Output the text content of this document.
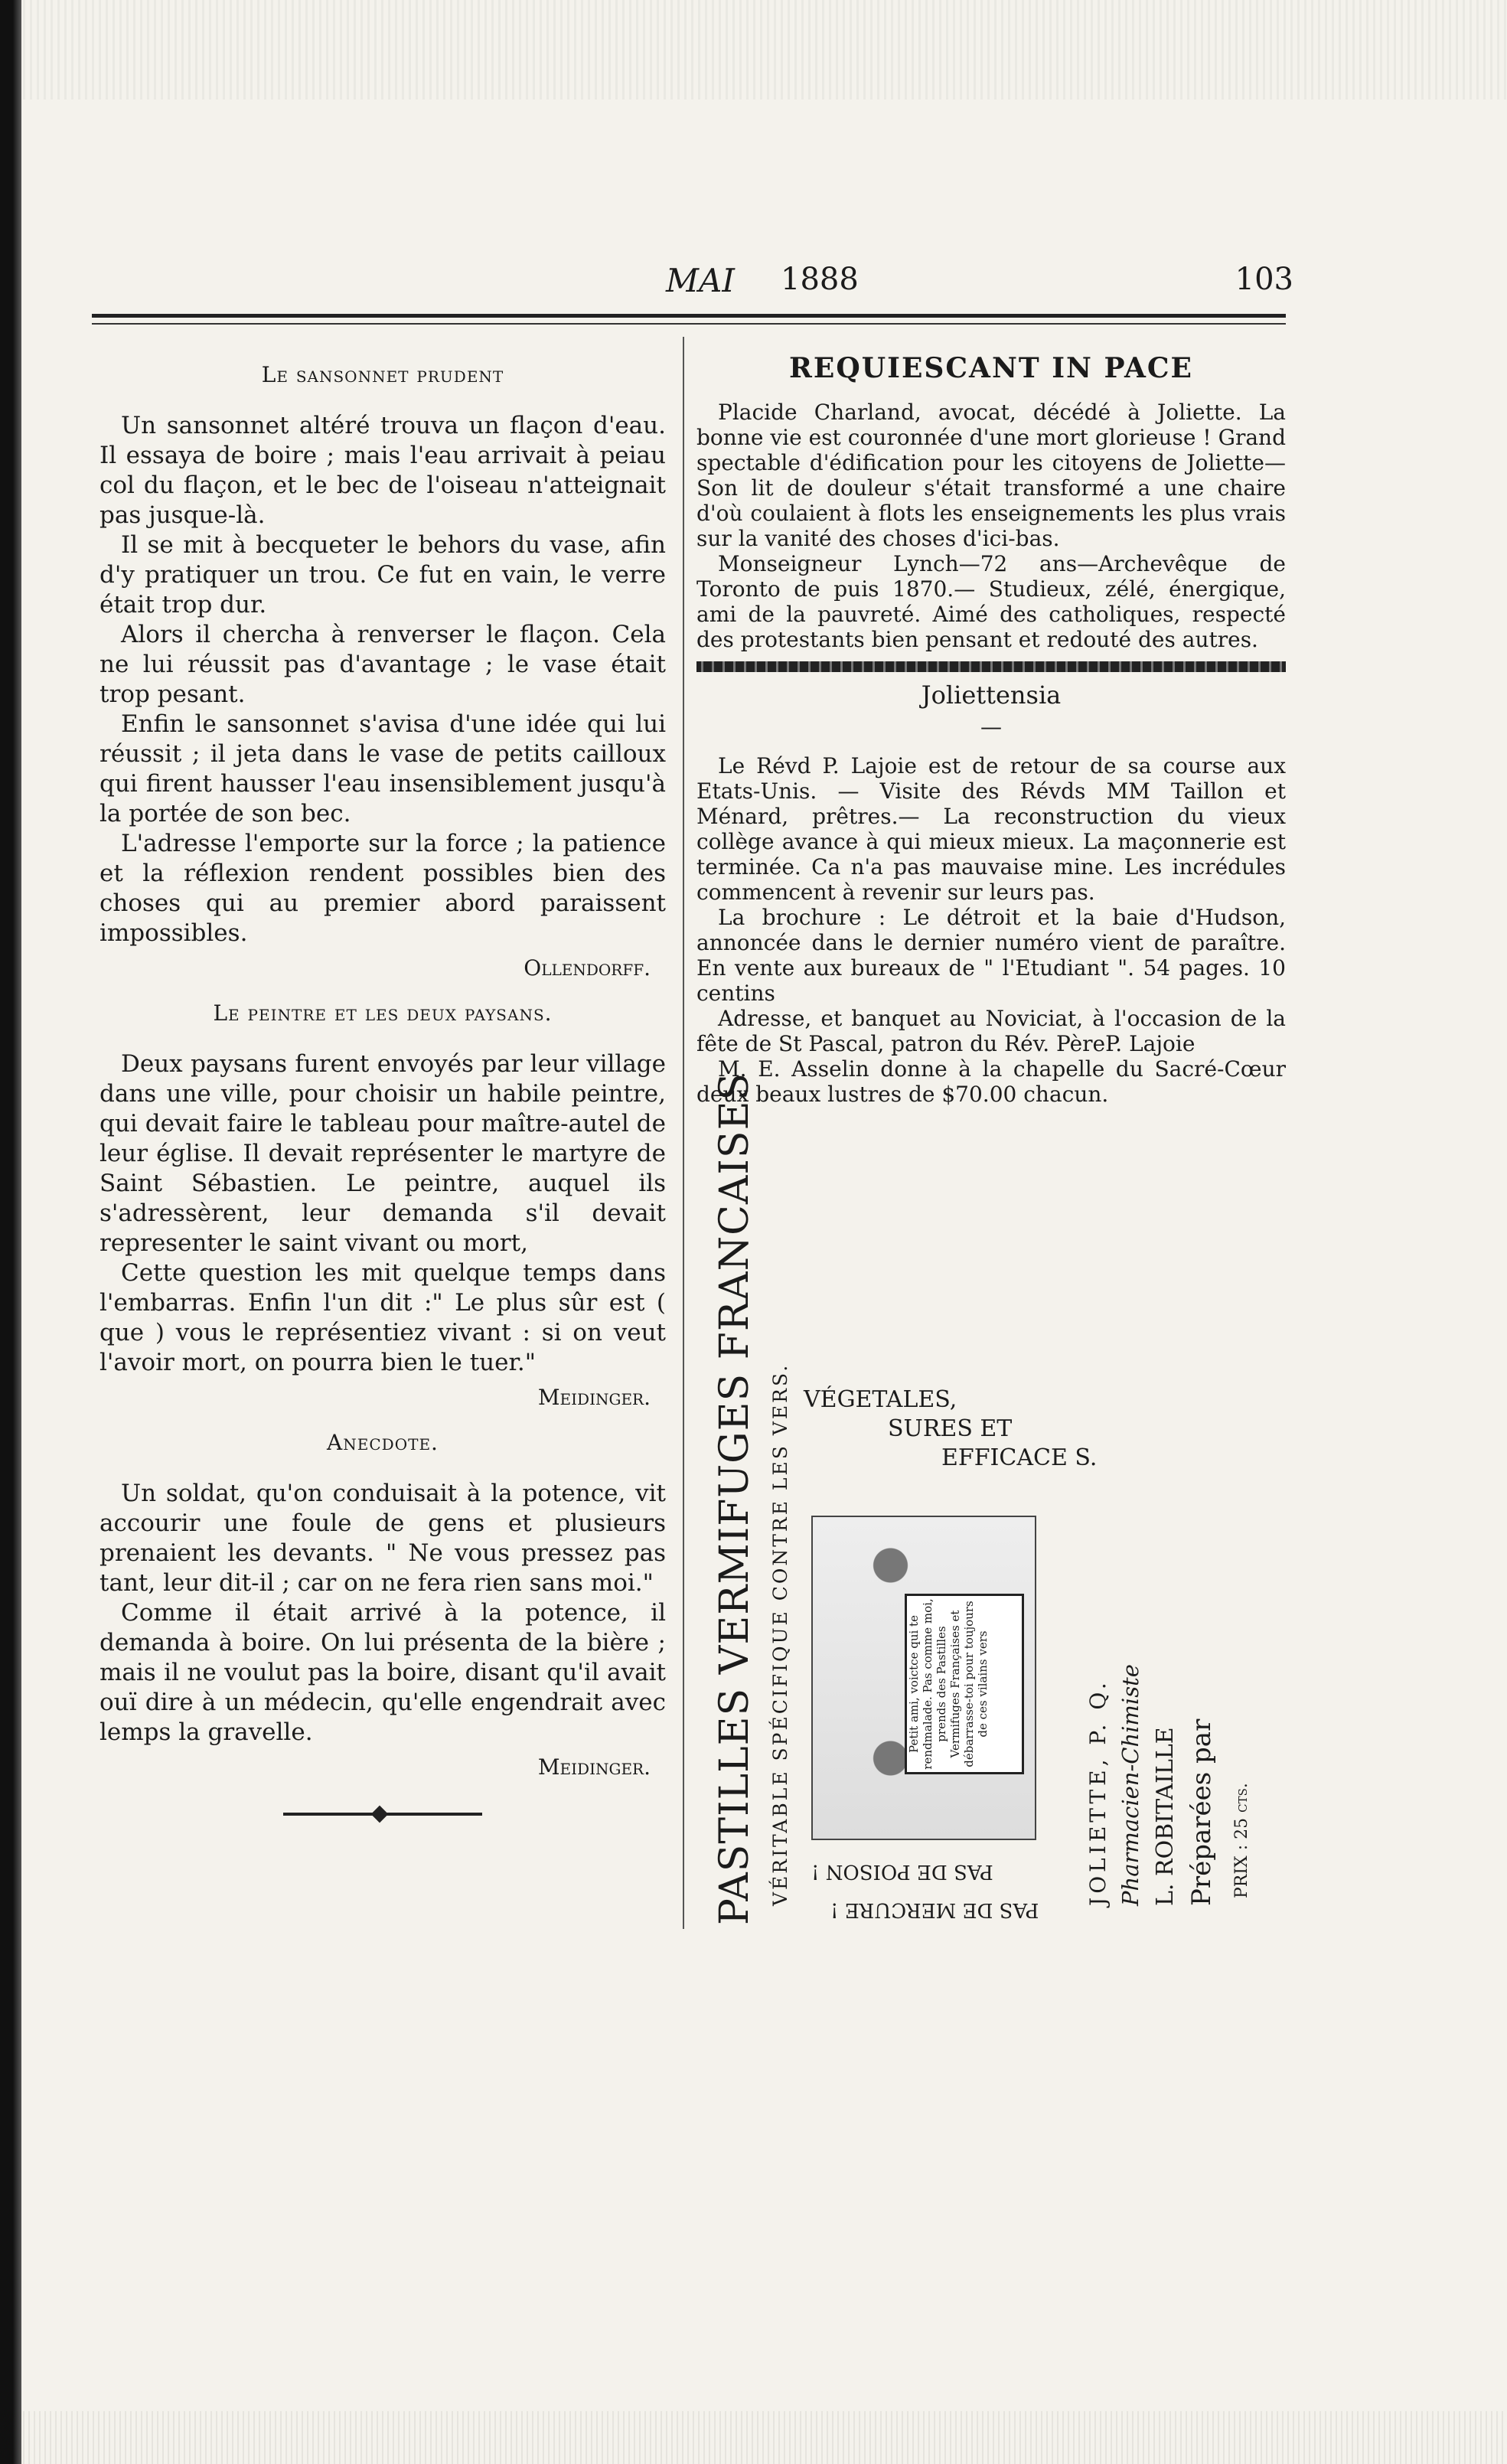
MAI 1888	103
Le sansonnet prudent

Un sansonnet altéré trouva un flaçon d'eau. Il essaya de boire ; mais l'eau arrivait à peiau col du flaçon, et le bec de l'oiseau n'atteignait pas jusque-là.

Il se mit à becqueter le behors du vase, afin d'y pratiquer un trou. Ce fut en vain, le verre était trop dur.

Alors il chercha à renverser le flaçon. Cela ne lui réussit pas d'avantage ; le vase était trop pesant.

Enfin le sansonnet s'avisa d'une idée qui lui réussit ; il jeta dans le vase de petits cailloux qui firent hausser l'eau insensiblement jusqu'à la portée de son bec.

L'adresse l'emporte sur la force ; la patience et la réflexion rendent possibles bien des choses qui au premier abord paraissent impossibles.

Ollendorff.
Le peintre et les deux paysans.

Deux paysans furent envoyés par leur village dans une ville, pour choisir un habile peintre, qui devait faire le tableau pour maître-autel de leur église. Il devait représenter le martyre de Saint Sébastien. Le peintre, auquel ils s'adressèrent, leur demanda s'il devait representer le saint vivant ou mort,

Cette question les mit quelque temps dans l'embarras. Enfin l'un dit :" Le plus sûr est ( que ) vous le représentiez vivant : si on veut l'avoir mort, on pourra bien le tuer."

Meidinger.
Anecdote.

Un soldat, qu'on conduisait à la potence, vit accourir une foule de gens et plusieurs prenaient les devants. " Ne vous pressez pas tant, leur dit-il ; car on ne fera rien sans moi."

Comme il était arrivé à la potence, il demanda à boire. On lui présenta de la bière ; mais il ne voulut pas la boire, disant qu'il avait ouï dire à un médecin, qu'elle engendrait avec lemps la gravelle.

Meidinger.
REQUIESCANT IN PACE

Placide Charland, avocat, décédé à Joliette. La bonne vie est couronnée d'une mort glorieuse ! Grand spectable d'édification pour les citoyens de Joliette— Son lit de douleur s'était transformé a une chaire d'où coulaient à flots les enseignements les plus vrais sur la vanité des choses d'ici-bas.

Monseigneur Lynch—72 ans—Archevêque de Toronto de puis 1870.— Studieux, zélé, énergique, ami de la pauvreté. Aimé des catholiques, respecté des protestants bien pensant et redouté des autres.

Joliettensia
—

Le Révd P. Lajoie est de retour de sa course aux Etats-Unis. — Visite des Révds MM Taillon et Ménard, prêtres.— La reconstruction du vieux collège avance à qui mieux mieux. La maçonnerie est terminée. Ca n'a pas mauvaise mine. Les incrédules commencent à revenir sur leurs pas.

La brochure : Le détroit et la baie d'Hudson, annoncée dans le dernier numéro vient de paraître. En vente aux bureaux de " l'Etudiant ". 54 pages. 10 centins

Adresse, et banquet au Noviciat, à l'occasion de la fête de St Pascal, patron du Rév. PèreP. Lajoie

M. E. Asselin donne à la chapelle du Sacré-Cœur deux beaux lustres de $70.00 chacun.

PASTILLES VERMIFUGES FRANCAISES VÉRITABLE SPÉCIFIQUE CONTRE LES VERS. VÉGETALES,
SURES ET
EFFICACE S.
Petit ami, voictce qui te rendmalade. Pas comme moi, prends des Pastilles Vermifuges Françaises et débarrasse-toi pour toujours de ces vilains vers
PRIX : 25 cts.
Préparées par
L. ROBITAILLE
Pharmacien-Chimiste
JOLIETTE, P. Q.
PAS DE POISON !
PAS DE MERCURE !
